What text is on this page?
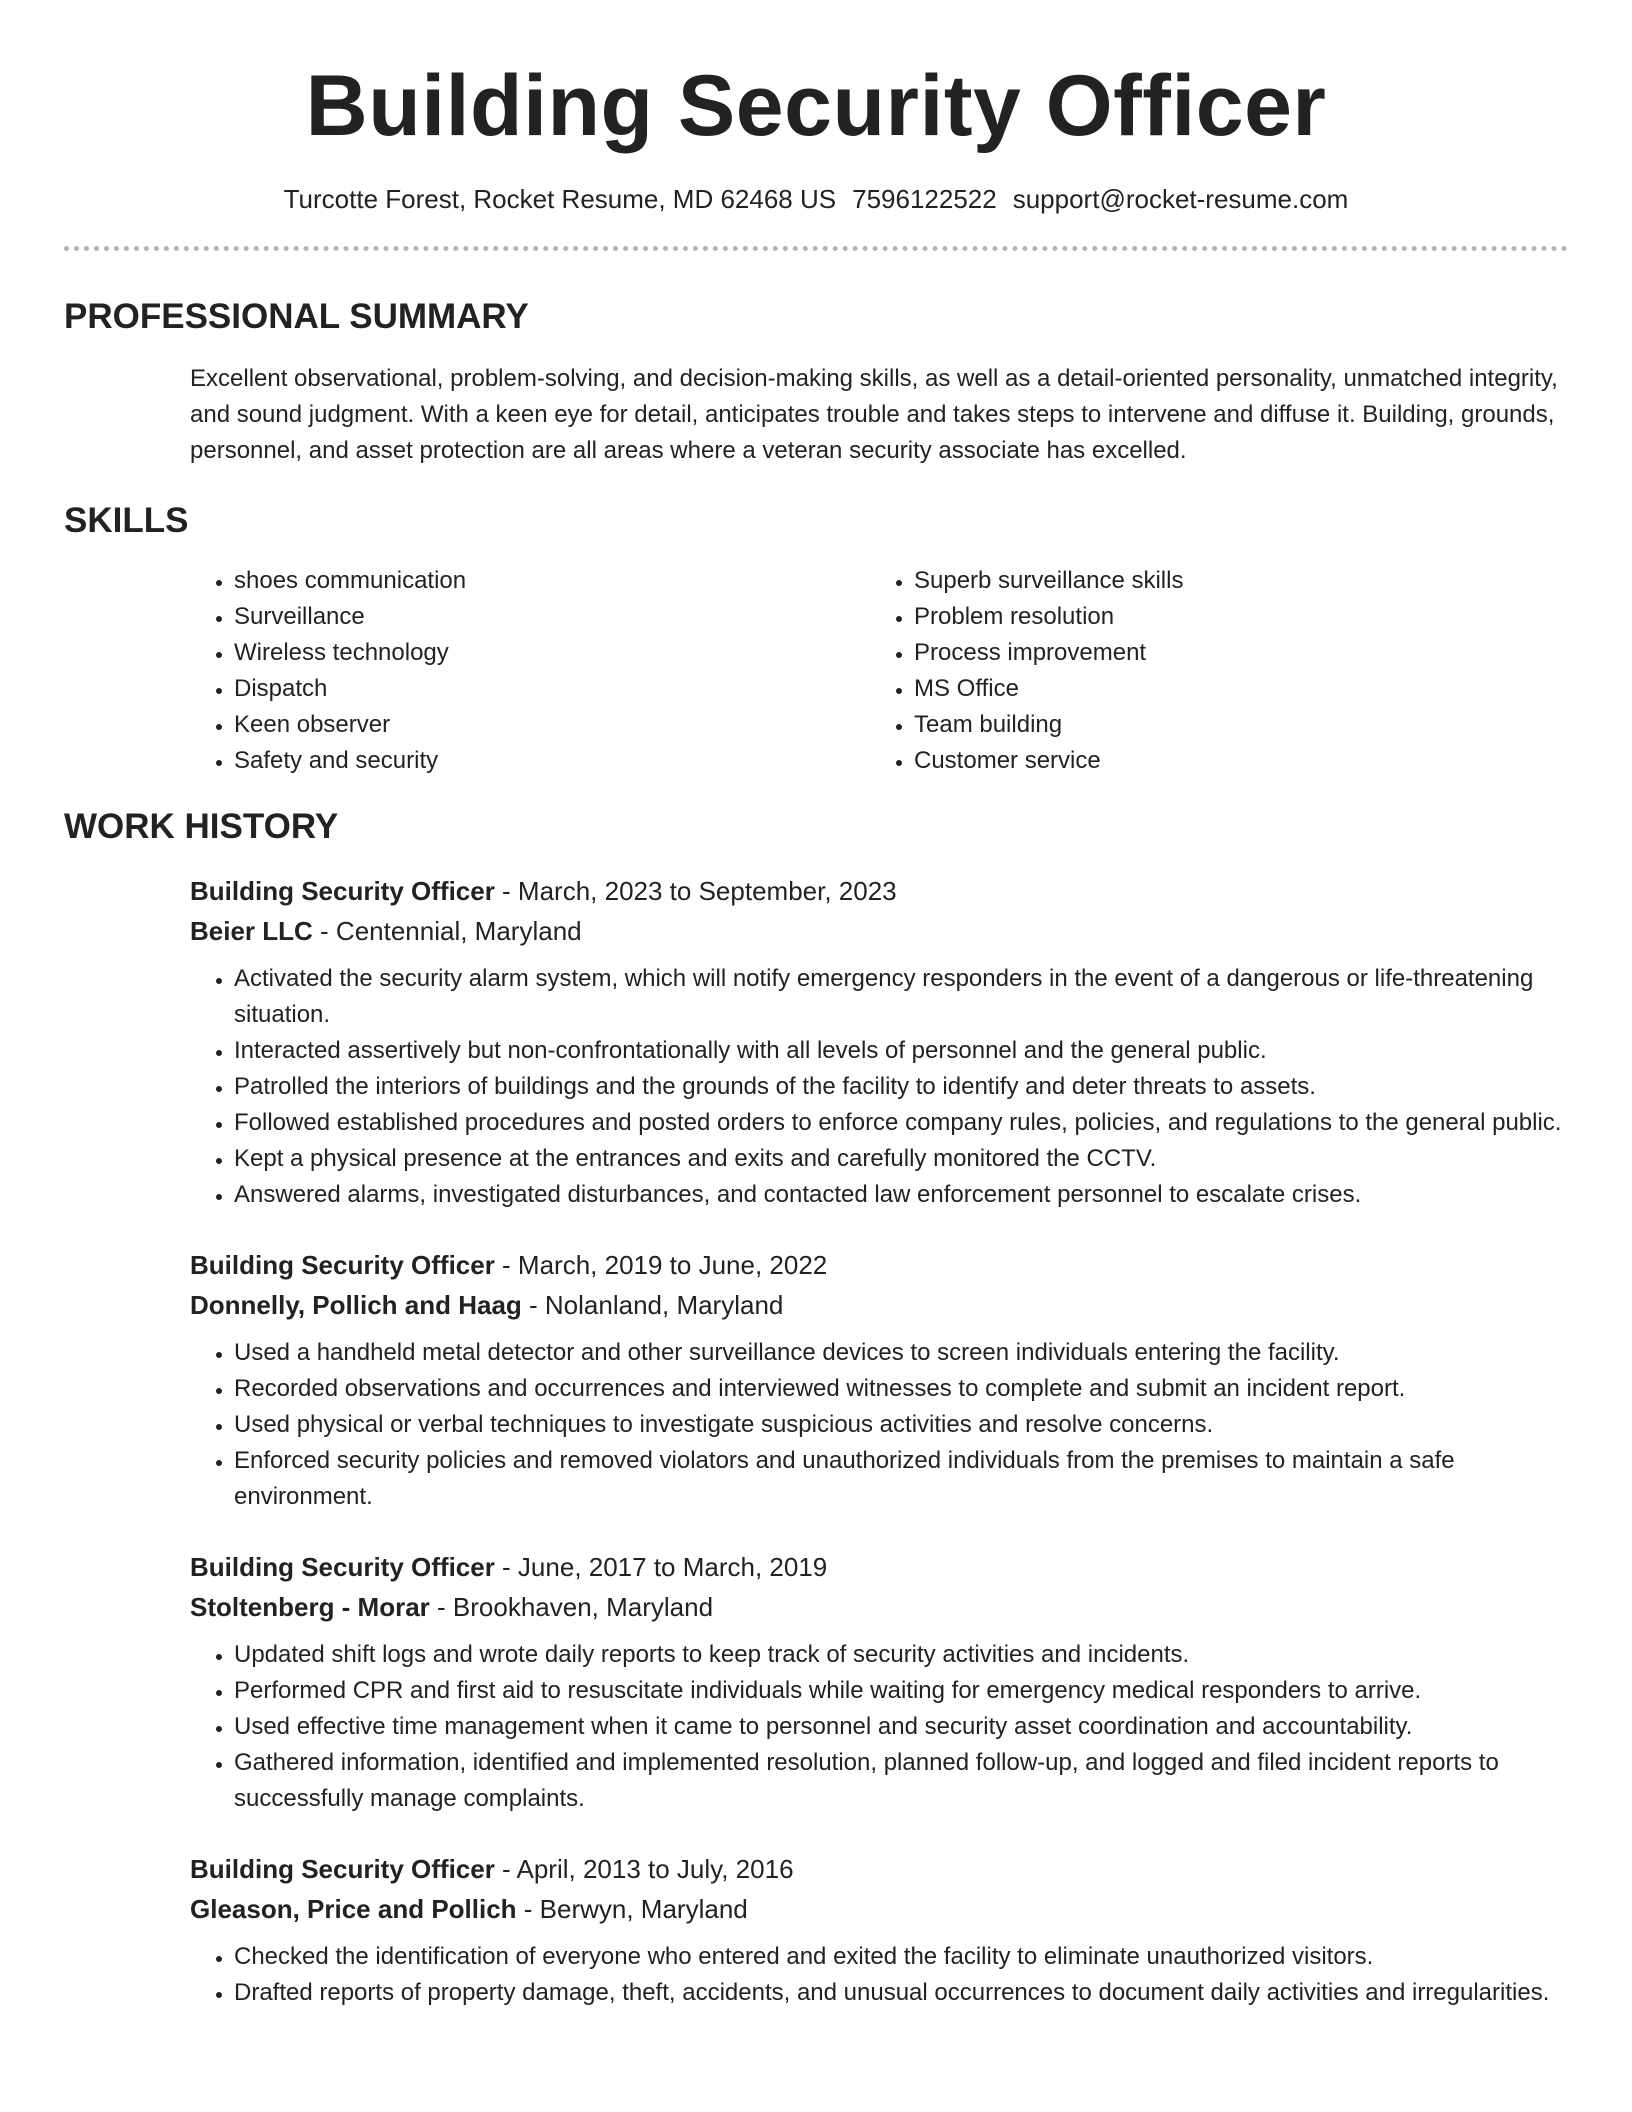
Building Security Officer
Turcotte Forest, Rocket Resume, MD 62468 US 7596122522 support@rocket-resume.com
PROFESSIONAL SUMMARY

Excellent observational, problem-solving, and decision-making skills, as well as a detail-oriented personality, unmatched integrity, and sound judgment. With a keen eye for detail, anticipates trouble and takes steps to intervene and diffuse it. Building, grounds, personnel, and asset protection are all areas where a veteran security associate has excelled.

SKILLS
• shoes communication
• Surveillance
• Wireless technology
• Dispatch
• Keen observer
• Safety and security
• Superb surveillance skills
• Problem resolution
• Process improvement
• MS Office
• Team building
• Customer service
WORK HISTORY
Building Security Officer - March, 2023 to September, 2023
Beier LLC - Centennial, Maryland
• Activated the security alarm system, which will notify emergency responders in the event of a dangerous or life-threatening situation.
• Interacted assertively but non-confrontationally with all levels of personnel and the general public.
• Patrolled the interiors of buildings and the grounds of the facility to identify and deter threats to assets.
• Followed established procedures and posted orders to enforce company rules, policies, and regulations to the general public.
• Kept a physical presence at the entrances and exits and carefully monitored the CCTV.
• Answered alarms, investigated disturbances, and contacted law enforcement personnel to escalate crises.
Building Security Officer - March, 2019 to June, 2022
Donnelly, Pollich and Haag - Nolanland, Maryland
• Used a handheld metal detector and other surveillance devices to screen individuals entering the facility.
• Recorded observations and occurrences and interviewed witnesses to complete and submit an incident report.
• Used physical or verbal techniques to investigate suspicious activities and resolve concerns.
• Enforced security policies and removed violators and unauthorized individuals from the premises to maintain a safe environment.
Building Security Officer - June, 2017 to March, 2019
Stoltenberg - Morar - Brookhaven, Maryland
• Updated shift logs and wrote daily reports to keep track of security activities and incidents.
• Performed CPR and first aid to resuscitate individuals while waiting for emergency medical responders to arrive.
• Used effective time management when it came to personnel and security asset coordination and accountability.
• Gathered information, identified and implemented resolution, planned follow-up, and logged and filed incident reports to successfully manage complaints.
Building Security Officer - April, 2013 to July, 2016
Gleason, Price and Pollich - Berwyn, Maryland
• Checked the identification of everyone who entered and exited the facility to eliminate unauthorized visitors.
• Drafted reports of property damage, theft, accidents, and unusual occurrences to document daily activities and irregularities.
